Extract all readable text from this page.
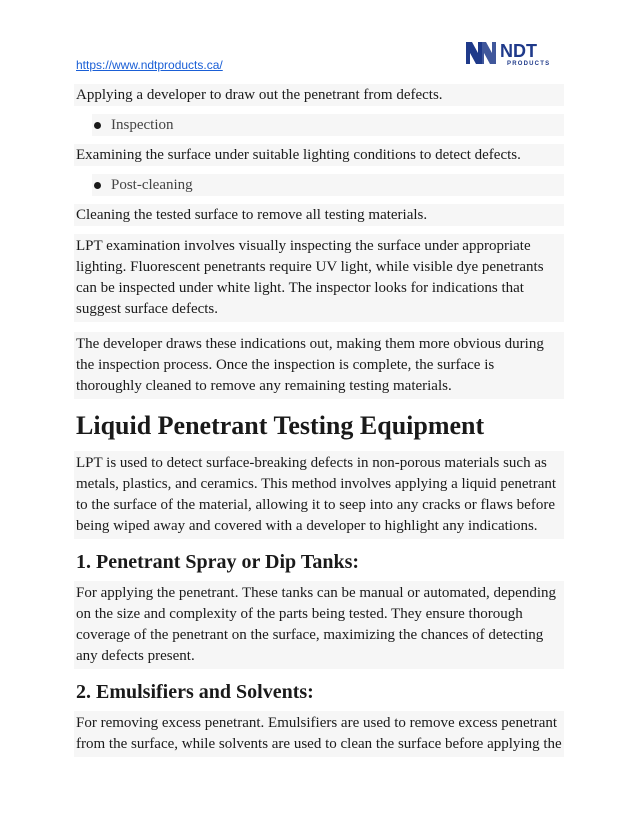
https://www.ndtproducts.ca/
NDT
PRODUCTS
Applying a developer to draw out the penetrant from defects.
Inspection
Examining the surface under suitable lighting conditions to detect defects.
Post-cleaning
Cleaning the tested surface to remove all testing materials.
LPT examination involves visually inspecting the surface under appropriate lighting. Fluorescent penetrants require UV light, while visible dye penetrants can be inspected under white light. The inspector looks for indications that suggest surface defects.
The developer draws these indications out, making them more obvious during the inspection process. Once the inspection is complete, the surface is thoroughly cleaned to remove any remaining testing materials.
Liquid Penetrant Testing Equipment
LPT is used to detect surface-breaking defects in non-porous materials such as metals, plastics, and ceramics. This method involves applying a liquid penetrant to the surface of the material, allowing it to seep into any cracks or flaws before being wiped away and covered with a developer to highlight any indications.
1. Penetrant Spray or Dip Tanks:
For applying the penetrant. These tanks can be manual or automated, depending on the size and complexity of the parts being tested. They ensure thorough coverage of the penetrant on the surface, maximizing the chances of detecting any defects present.
2. Emulsifiers and Solvents:
For removing excess penetrant. Emulsifiers are used to remove excess penetrant from the surface, while solvents are used to clean the surface before applying the
